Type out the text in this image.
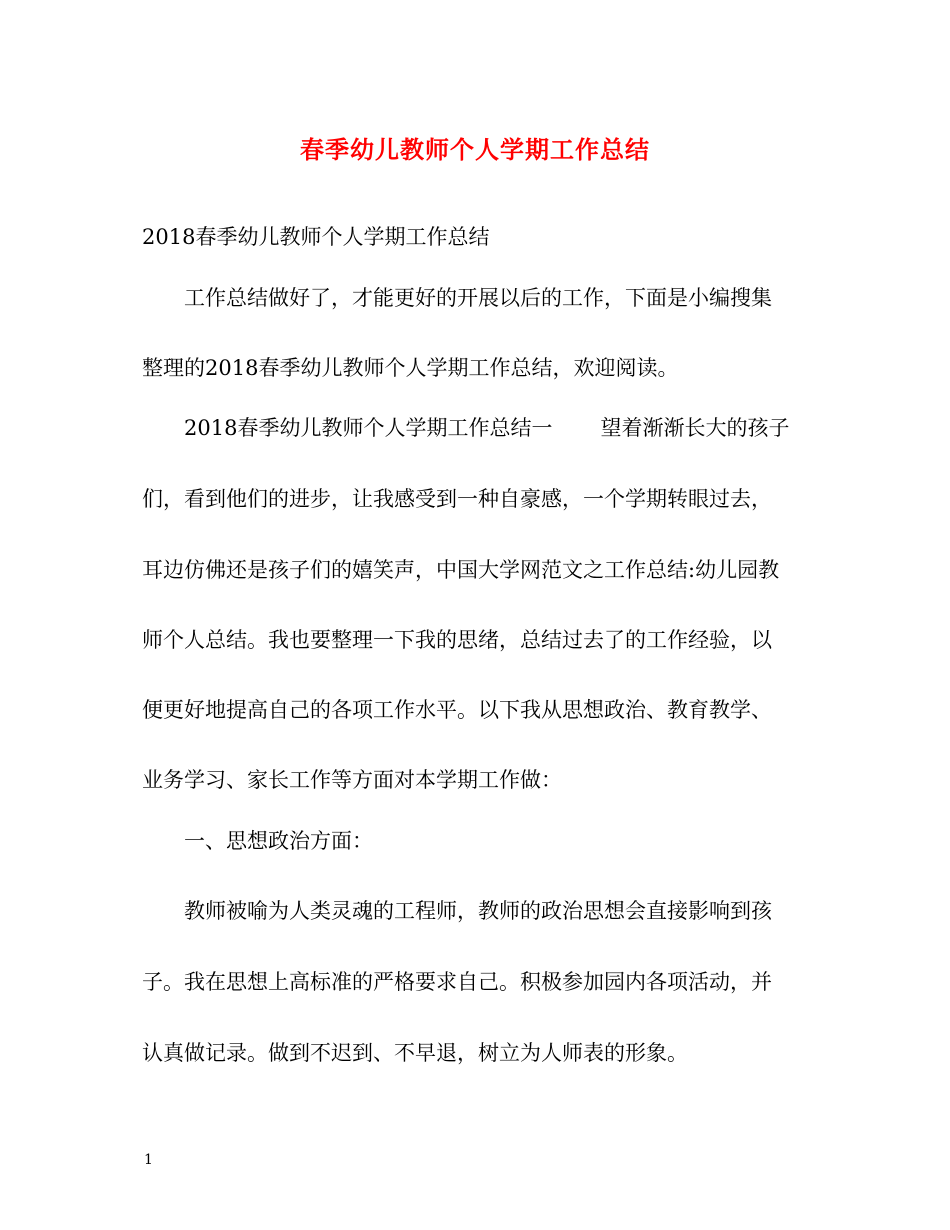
春季幼儿教师个人学期工作总结
2018春季幼儿教师个人学期工作总结
工作总结做好了，才能更好的开展以后的工作，下面是小编搜集
整理的2018春季幼儿教师个人学期工作总结，欢迎阅读。
2018春季幼儿教师个人学期工作总结一 望着渐渐长大的孩子
们，看到他们的进步，让我感受到一种自豪感，一个学期转眼过去，
耳边仿佛还是孩子们的嬉笑声，中国大学网范文之工作总结:幼儿园教
师个人总结。我也要整理一下我的思绪，总结过去了的工作经验，以
便更好地提高自己的各项工作水平。以下我从思想政治、教育教学、
业务学习、家长工作等方面对本学期工作做：
一、思想政治方面：
教师被喻为人类灵魂的工程师，教师的政治思想会直接影响到孩
子。我在思想上高标准的严格要求自己。积极参加园内各项活动，并
认真做记录。做到不迟到、不早退，树立为人师表的形象。
1
